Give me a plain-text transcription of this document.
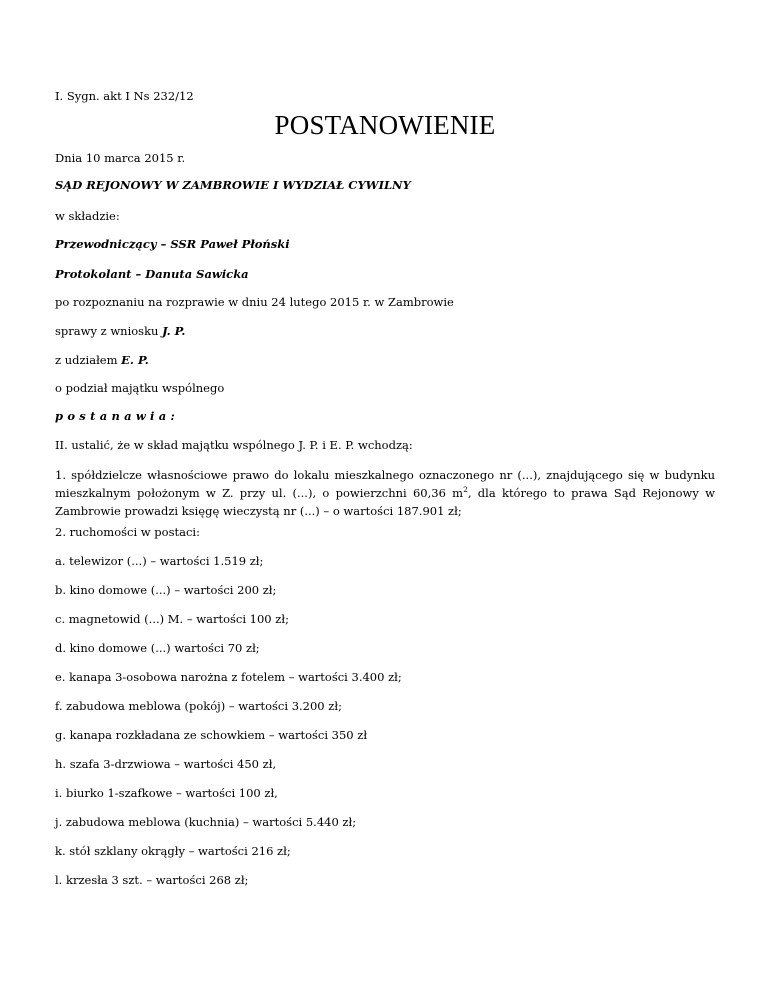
I. Sygn. akt I Ns 232/12
POSTANOWIENIE
Dnia 10 marca 2015 r.
SĄD REJONOWY W ZAMBROWIE I WYDZIAŁ CYWILNY
w składzie:
Przewodniczący – SSR Paweł Płoński
Protokolant – Danuta Sawicka
po rozpoznaniu na rozprawie w dniu 24 lutego 2015 r. w Zambrowie
sprawy z wniosku J. P.
z udziałem E. P.
o podział majątku wspólnego
postanawia:
II. ustalić, że w skład majątku wspólnego J. P. i E. P. wchodzą:
1. spółdzielcze własnościowe prawo do lokalu mieszkalnego oznaczonego nr (...), znajdującego się w budynku mieszkalnym położonym w Z. przy ul. (...), o powierzchni 60,36 $m^2$, dla którego to prawa Sąd Rejonowy w Zambrowie prowadzi księgę wieczystą nr (...) – o wartości 187.901 zł;
2. ruchomości w postaci:
a. telewizor (...) – wartości 1.519 zł;
b. kino domowe (...) – wartości 200 zł;
c. magnetowid (...) M. – wartości 100 zł;
d. kino domowe (...) wartości 70 zł;
e. kanapa 3-osobowa narożna z fotelem – wartości 3.400 zł;
f. zabudowa meblowa (pokój) – wartości 3.200 zł;
g. kanapa rozkładana ze schowkiem – wartości 350 zł
h. szafa 3-drzwiowa – wartości 450 zł,
i. biurko 1-szafkowe – wartości 100 zł,
j. zabudowa meblowa (kuchnia) – wartości 5.440 zł;
k. stół szklany okrągły – wartości 216 zł;
l. krzesła 3 szt. – wartości 268 zł;
